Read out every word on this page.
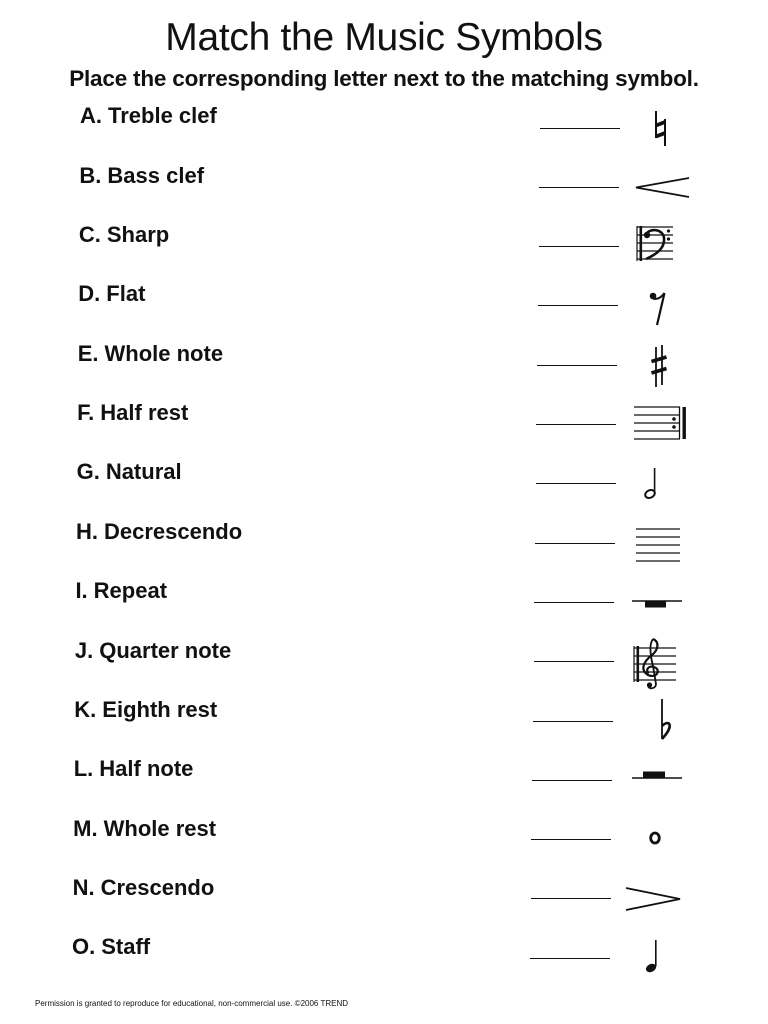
Match the Music Symbols

Place the corresponding letter next to the matching symbol.

A. Treble clef
B. Bass clef
C. Sharp
D. Flat
E. Whole note
F. Half rest
G. Natural
H. Decrescendo
I. Repeat
J. Quarter note
K. Eighth rest
L. Half note
M. Whole rest
N. Crescendo
O. Staff
Permission is granted to reproduce for educational, non-commercial use. ©2006 TREND
